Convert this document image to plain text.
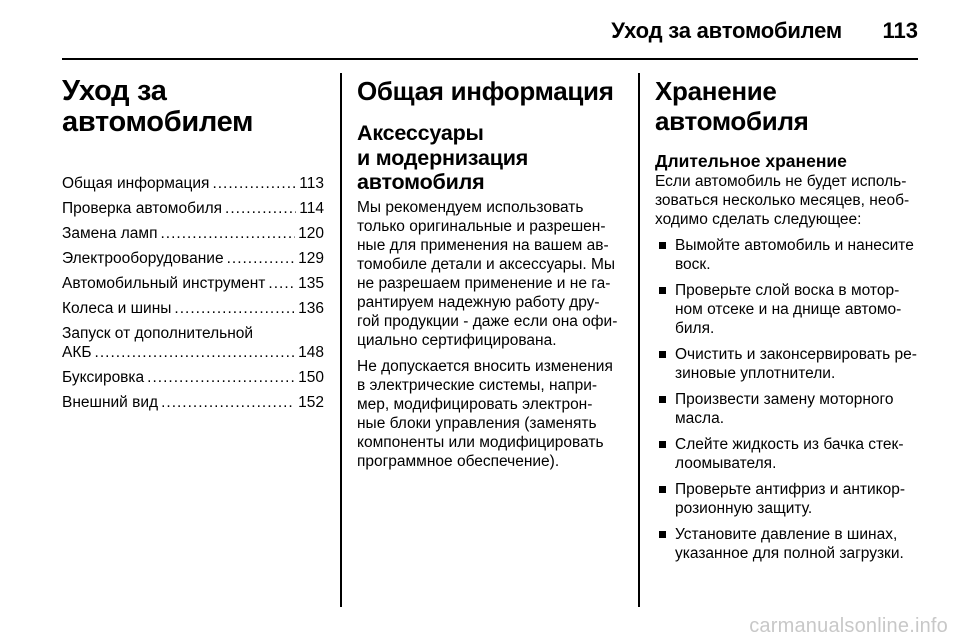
Уход за автомобилем 113
Уход за
автомобилем
Общая информация .....	113
Проверка автомобиля .....	114
Замена ламп .....	120
Электрооборудование .....	129
Автомобильный инструмент ..... 135
Колеса и шины .....	136
Запуск от дополнительной
АКБ .....	148
Буксировка .....	150
Внешний вид .....	152
Общая информация
Аксессуары
и модернизация
автомобиля
Мы рекомендуем использовать
только оригинальные и разрешен-
ные для применения на вашем ав-
томобиле детали и аксессуары. Мы
не разрешаем применение и не га-
рантируем надежную работу дру-
гой продукции - даже если она офи-
циально сертифицирована.
Не допускается вносить изменения
в электрические системы, напри-
мер, модифицировать электрон-
ные блоки управления (заменять
компоненты или модифицировать
программное обеспечение).
Хранение автомобиля
Длительное хранение
Если автомобиль не будет исполь-
зоваться несколько месяцев, необ-
ходимо сделать следующее:
Вымойте автомобиль и нанесите
воск.
Проверьте слой воска в мотор-
ном отсеке и на днище автомо-
биля.
Очистить и законсервировать ре-
зиновые уплотнители.
Произвести замену моторного
масла.
Слейте жидкость из бачка стек-
лоомывателя.
Проверьте антифриз и антикор-
розионную защиту.
Установите давление в шинах,
указанное для полной загрузки.
carmanualsonline.info
